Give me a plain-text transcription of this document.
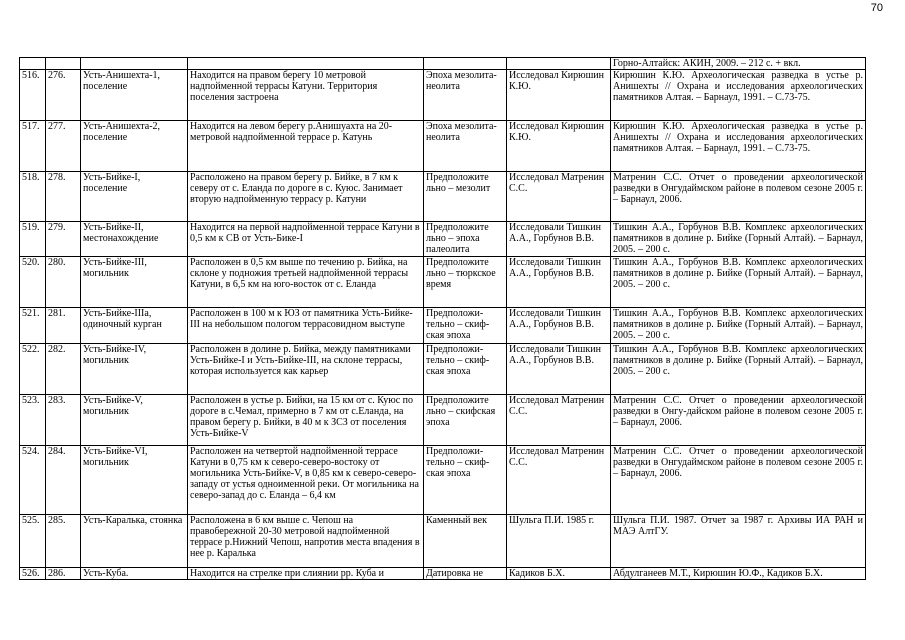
70
						Горно-Алтайск: АКИН, 2009. – 212 с. + вкл.
516.	276.	Усть-Анишехта-1, поселение	Находится на правом берегу 10 метровой надпойменной террасы Катуни. Территория поселения застроена	Эпоха мезолита-неолита	Исследовал Кирюшин К.Ю.	Кирюшин К.Ю. Археологическая разведка в устье р. Анишехты // Охрана и исследования археологических памятников Алтая. – Барнаул, 1991. – С.73-75.
517.	277.	Усть-Анишехта-2, поселение	Находится на левом берегу р.Анишуахта на 20-метровой надпойменной террасе р. Катунь	Эпоха мезолита-неолита	Исследовал Кирюшин К.Ю.	Кирюшин К.Ю. Археологическая разведка в устье р. Анишехты // Охрана и исследования археологических памятников Алтая. – Барнаул, 1991. – С.73-75.
518.	278.	Усть-Бийке-I, поселение	Расположено на правом берегу р. Бийке, в 7 км к северу от с. Еланда по дороге в с. Куюс. Занимает вторую надпойменную террасу р. Катуни	Предположите льно – мезолит	Исследовал Матренин С.С.	Матренин С.С. Отчет о проведении археологической разведки в Онгудаймском районе в полевом сезоне 2005 г. – Барнаул, 2006.
519.	279.	Усть-Бийке-II, местонахождение	Находится на первой надпойменной террасе Катуни в 0,5 км к СВ от Усть-Бике-I	Предположите льно – эпоха палеолита	Исследовали Тишкин А.А., Горбунов В.В.	Тишкин А.А., Горбунов В.В. Комплекс археологических памятников в долине р. Бийке (Горный Алтай). – Барнаул, 2005. – 200 с.
520.	280.	Усть-Бийке-III, могильник	Расположен в 0,5 км выше по течению р. Бийка, на склоне у подножия третьей надпойменной террасы Катуни, в 6,5 км на юго-восток от с. Еланда	Предположите льно – тюркское время	Исследовали Тишкин А.А., Горбунов В.В.	Тишкин А.А., Горбунов В.В. Комплекс археологических памятников в долине р. Бийке (Горный Алтай). – Барнаул, 2005. – 200 с.
521.	281.	Усть-Бийке-IIIа, одиночный курган	Расположен в 100 м к ЮЗ от памятника Усть-Бийке-III на небольшом пологом террасовидном выступе	Предположи-тельно – скиф-ская эпоха	Исследовали Тишкин А.А., Горбунов В.В.	Тишкин А.А., Горбунов В.В. Комплекс археологических памятников в долине р. Бийке (Горный Алтай). – Барнаул, 2005. – 200 с.
522.	282.	Усть-Бийке-IV, могильник	Расположен в долине р. Бийка, между памятниками Усть-Бийке-I и Усть-Бийке-III, на склоне террасы, которая используется как карьер	Предположи-тельно – скиф-ская эпоха	Исследовали Тишкин А.А., Горбунов В.В.	Тишкин А.А., Горбунов В.В. Комплекс археологических памятников в долине р. Бийке (Горный Алтай). – Барнаул, 2005. – 200 с.
523.	283.	Усть-Бийке-V, могильник	Расположен в устье р. Бийки, на 15 км от с. Куюс по дороге в с.Чемал, примерно в 7 км от с.Еланда, на правом берегу р. Бийки, в 40 м к ЗСЗ от поселения Усть-Бийке-V	Предположите льно – скифская эпоха	Исследовал Матренин С.С.	Матренин С.С. Отчет о проведении археологической разведки в Онгу-дайском районе в полевом сезоне 2005 г. – Барнаул, 2006.
524.	284.	Усть-Бийке-VI, могильник	Расположен на четвертой надпойменной террасе Катуни в 0,75 км к северо-северо-востоку от могильника Усть-Бийке-V, в 0,85 км к северо-северо-западу от устья одноименной реки. От могильника на северо-запад до с. Еланда – 6,4 км	Предположи-тельно – скиф-ская эпоха	Исследовал Матренин С.С.	Матренин С.С. Отчет о проведении археологической разведки в Онгудаймском районе в полевом сезоне 2005 г. – Барнаул, 2006.
525.	285.	Усть-Каралька, стоянка	Расположена в 6 км выше с. Чепош на правобережной 20-30 метровой надпойменной террасе р.Нижний Чепош, напротив места впадения в нее р. Каралька	Каменный век	Шульга П.И. 1985 г.	Шульга П.И. 1987. Отчет за 1987 г. Архивы ИА РАН и МАЭ АлтГУ.
526.	286.	Усть-Куба.	Находится на стрелке при слиянии рр. Куба и	Датировка не	Кадиков Б.Х.	Абдулганеев М.Т., Кирюшин Ю.Ф., Кадиков Б.Х.
